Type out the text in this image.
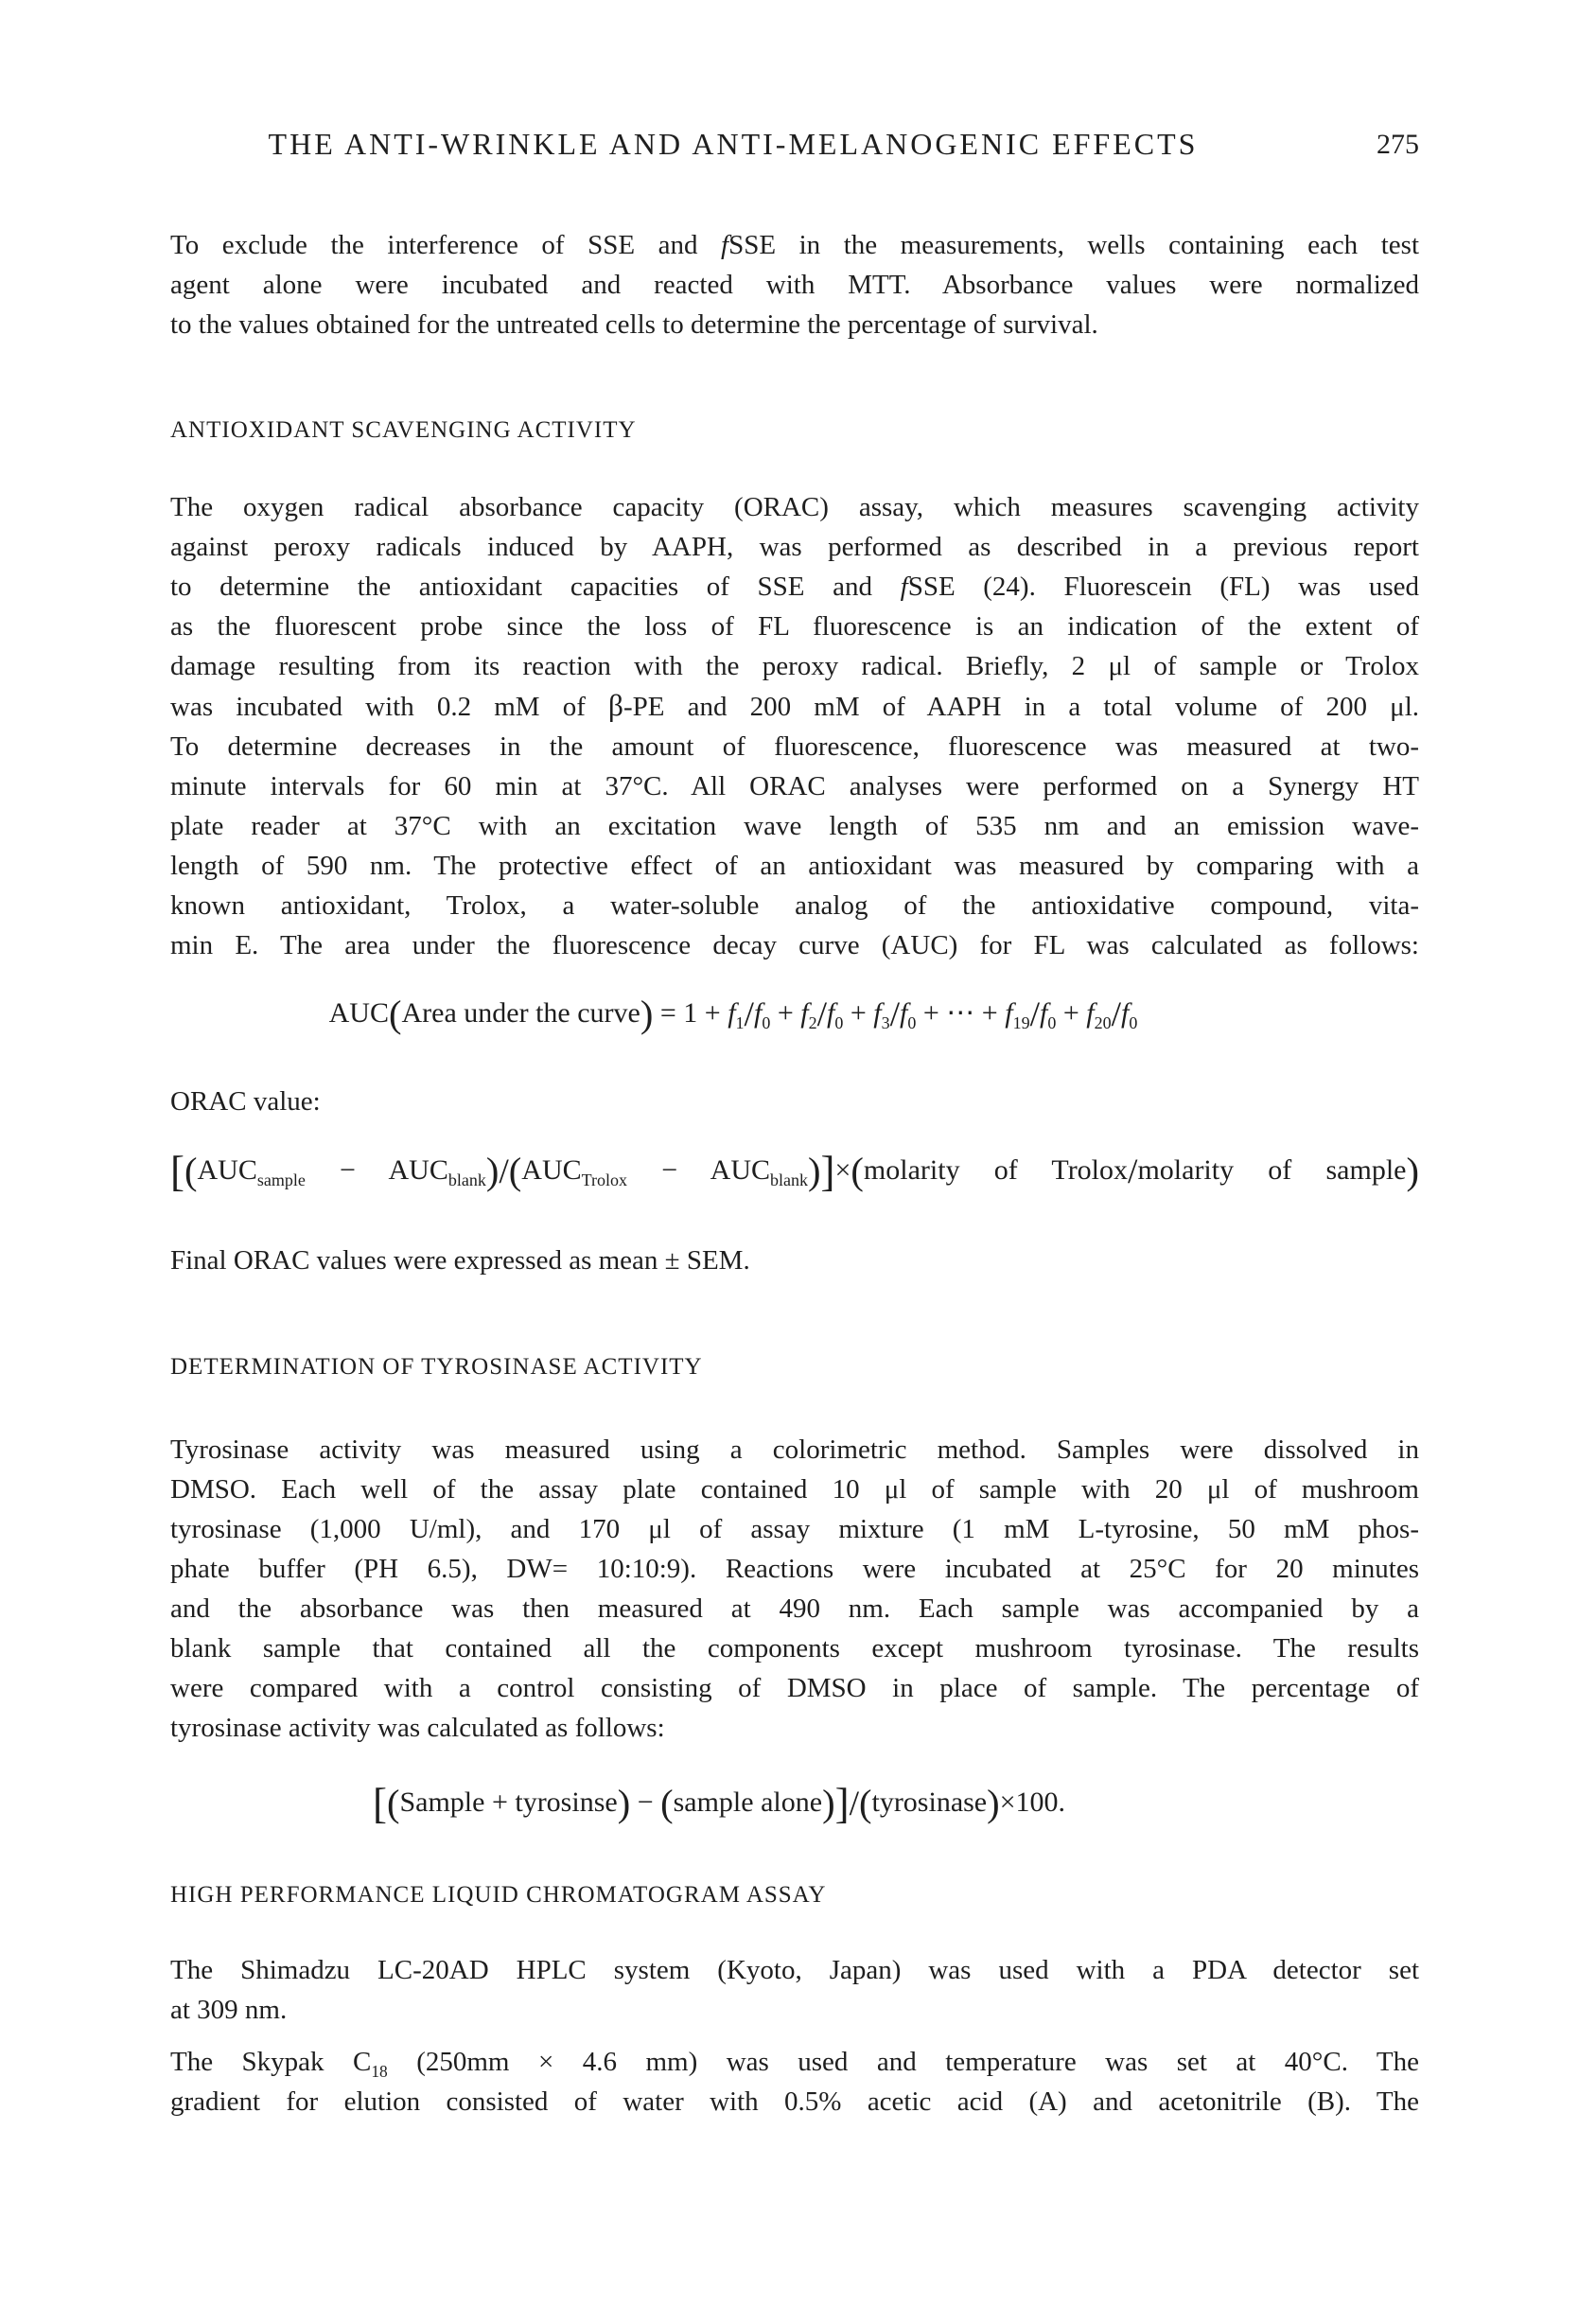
THE ANTI-WRINKLE AND ANTI-MELANOGENIC EFFECTS	275
To exclude the interference of SSE and fSSE in the measurements, wells containing each test
agent alone were incubated and reacted with MTT. Absorbance values were normalized
to the values obtained for the untreated cells to determine the percentage of survival.
ANTIOXIDANT SCAVENGING ACTIVITY
The oxygen radical absorbance capacity (ORAC) assay, which measures scavenging activity
against peroxy radicals induced by AAPH, was performed as described in a previous report
to determine the antioxidant capacities of SSE and fSSE (24). Fluorescein (FL) was used
as the fluorescent probe since the loss of FL fluorescence is an indication of the extent of
damage resulting from its reaction with the peroxy radical. Briefly, 2 μl of sample or Trolox
was incubated with 0.2 mM of β-PE and 200 mM of AAPH in a total volume of 200 μl.
To determine decreases in the amount of fluorescence, fluorescence was measured at two-
minute intervals for 60 min at 37°C. All ORAC analyses were performed on a Synergy HT
plate reader at 37°C with an excitation wave length of 535 nm and an emission wave-
length of 590 nm. The protective effect of an antioxidant was measured by comparing with a
known antioxidant, Trolox, a water-soluble analog of the antioxidative compound, vita-
min E. The area under the fluorescence decay curve (AUC) for FL was calculated as follows:
AUC(Area under the curve) = $1 + f_1/f_0 + f_2/f_0 + f_3/f_0$ + ⋯ + $f_{19}/f_0 + f_{20}/f_0$
ORAC value:
[$(AUC_{sample} - AUC_{blank})/(AUC_{Trolox}$ − $AUC_{blank})]\times(molarity$ of Trolox/molarity of sample)
Final ORAC values were expressed as mean ± SEM.
DETERMINATION OF TYROSINASE ACTIVITY
Tyrosinase activity was measured using a colorimetric method. Samples were dissolved in
DMSO. Each well of the assay plate contained 10 μl of sample with 20 μl of mushroom
tyrosinase (1,000 U/ml), and 170 μl of assay mixture (1 mM L-tyrosine, 50 mM phos-
phate buffer (PH 6.5), DW= 10:10:9). Reactions were incubated at 25°C for 20 minutes
and the absorbance was then measured at 490 nm. Each sample was accompanied by a
blank sample that contained all the components except mushroom tyrosinase. The results
were compared with a control consisting of DMSO in place of sample. The percentage of
tyrosinase activity was calculated as follows:
[(Sample + tyrosinse) − (sample alone)]/(tyrosinase)×100.
HIGH PERFORMANCE LIQUID CHROMATOGRAM ASSAY
The Shimadzu LC-20AD HPLC system (Kyoto, Japan) was used with a PDA detector set
at 309 nm.
The Skypak $C_{18}$ (250mm × 4.6 mm) was used and temperature was set at 40°C. The
gradient for elution consisted of water with 0.5% acetic acid (A) and acetonitrile (B). The
